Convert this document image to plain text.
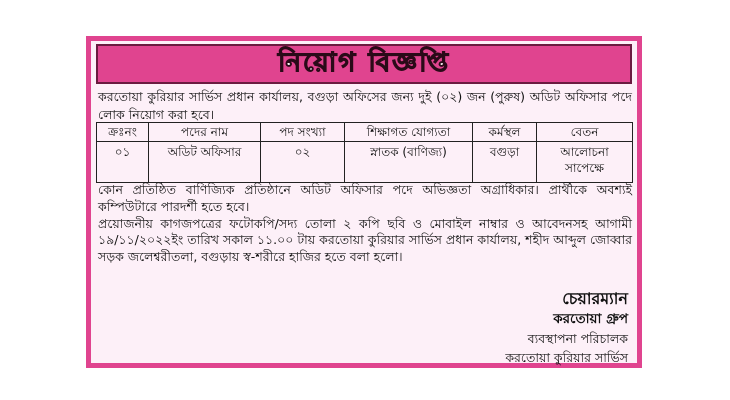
নিয়োগ বিজ্ঞপ্তি
করতোয়া কুরিয়ার সার্ভিস প্রধান কার্যালয়, বগুড়া অফিসের জন্য দুই (০২) জন (পুরুষ) অডিট অফিসার পদে লোক নিয়োগ করা হবে।
ক্রঃনং	পদের নাম	পদ সংখ্যা	শিক্ষাগত যোগ্যতা	কর্মস্থল	বেতন
০১	অডিট অফিসার	০২	স্নাতক (বাণিজ্য)	বগুড়া	আলোচনা সাপেক্ষে

কোন প্রতিষ্ঠিত বাণিজ্যিক প্রতিষ্ঠানে অডিট অফিসার পদে অভিজ্ঞতা অগ্রাধিকার। প্রার্থীকে অবশ্যই কম্পিউটারে পারদর্শী হতে হবে।

প্রয়োজনীয় কাগজপত্রের ফটোকপি/সদ্য তোলা ২ কপি ছবি ও মোবাইল নাম্বার ও আবেদনসহ আগামী ১৯/১১/২০২২ইং তারিখ সকাল ১১.০০ টায় করতোয়া কুরিয়ার সার্ভিস প্রধান কার্যালয়, শহীদ আব্দুল জোব্বার সড়ক জলেশ্বরীতলা, বগুড়ায় স্ব-শরীরে হাজির হতে বলা হলো।

চেয়ারম্যান
করতোয়া গ্রুপ
ব্যবস্থাপনা পরিচালক
করতোয়া কুরিয়ার সার্ভিস
